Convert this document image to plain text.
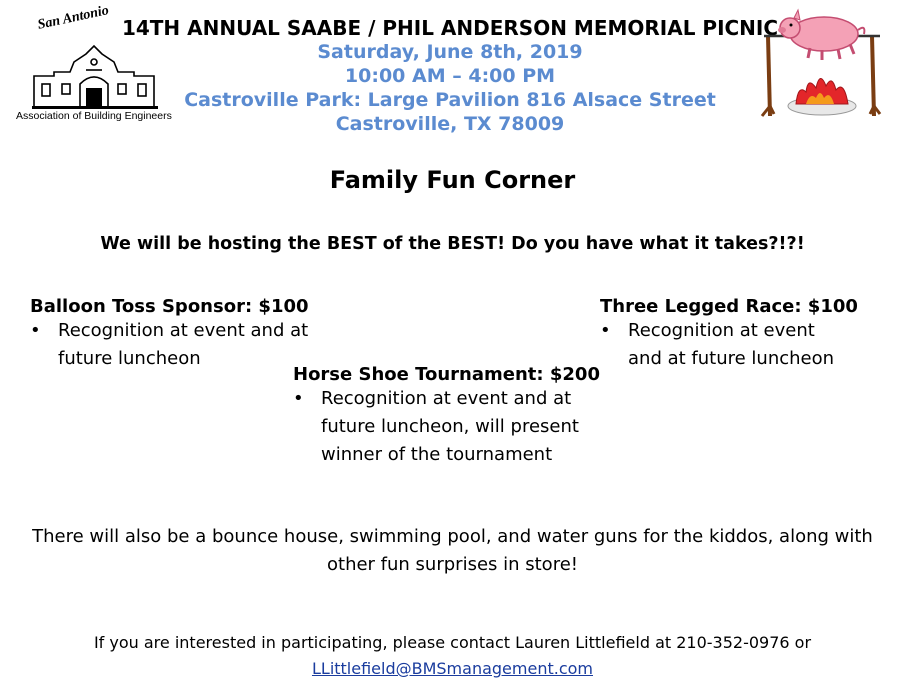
San Antonio
Association of Building Engineers
14TH ANNUAL SAABE / PHIL ANDERSON MEMORIAL PICNIC
Saturday, June 8th, 2019
10:00 AM – 4:00 PM
Castroville Park: Large Pavilion 816 Alsace Street
Castroville, TX 78009
Family Fun Corner
We will be hosting the BEST of the BEST! Do you have what it takes?!?!
Balloon Toss Sponsor: $100
• Recognition at event and at
future luncheon
Horse Shoe Tournament: $200
• Recognition at event and at
future luncheon, will present
winner of the tournament
Three Legged Race: $100
• Recognition at event
and at future luncheon
There will also be a bounce house, swimming pool, and water guns for the kiddos, along with
other fun surprises in store!
If you are interested in participating, please contact Lauren Littlefield at 210-352-0976 or
LLittlefield@BMSmanagement.com
